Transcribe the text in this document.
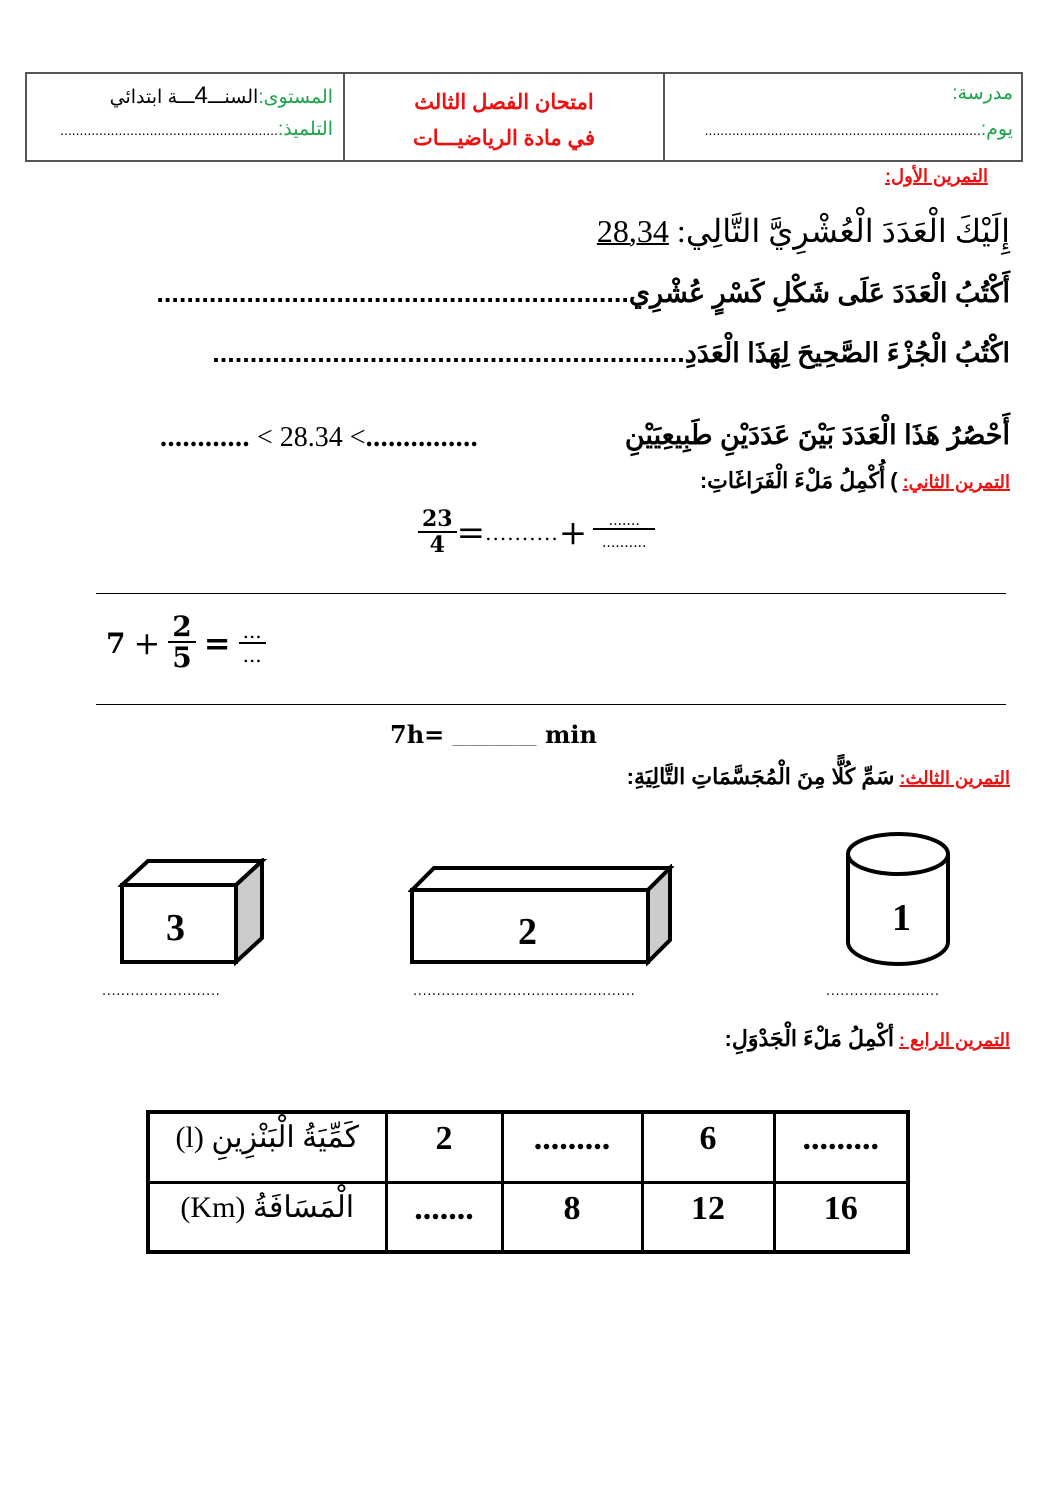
المستوى:السنـــ4ـــة ابتدائي
التلميذ:........................................................
امتحان الفصل الثالث
في مادة الرياضيـــات
مدرسة:
يوم:.......................................................................
التمرين الأول:
إِلَيْكَ الْعَدَدَ الْعُشْرِيَّ التَّالِي: 28,34
أَكْتُبُ الْعَدَدَ عَلَى شَكْلِ كَسْرٍ عُشْرِي...............................................................
اكْتُبُ الْجُزْءَ الصَّحِيحَ لِهَذَا الْعَدَدِ...............................................................
أَحْصُرُ هَذَا الْعَدَدَ بَيْنَ عَدَدَيْنِ طَبِيعِيَيْنِ
............ < 28.34 <...............
التمرين الثاني: ) أُكْمِلُ مَلْءَ الْفَرَاغَاتِ:
$\frac{23}{4}$ = .......... + $\frac{.......}{..........}$
$7 + \frac{2}{5} = \frac{...}{...}$
7h= ______________ min
التمرين الثالث: سَمِّ كُلًّا مِنَ الْمُجَسَّمَاتِ التَّالِيَةِ:
3
.........................
2
...............................................
1
........................
التمرين الرابع : أكْمِلُ مَلْءَ الْجَدْوَلِ:
كَمِّيَةُ الْبَنْزِينِ (l)	2	.........	6	.........
الْمَسَافَةُ (Km)	.......	8	12	16
